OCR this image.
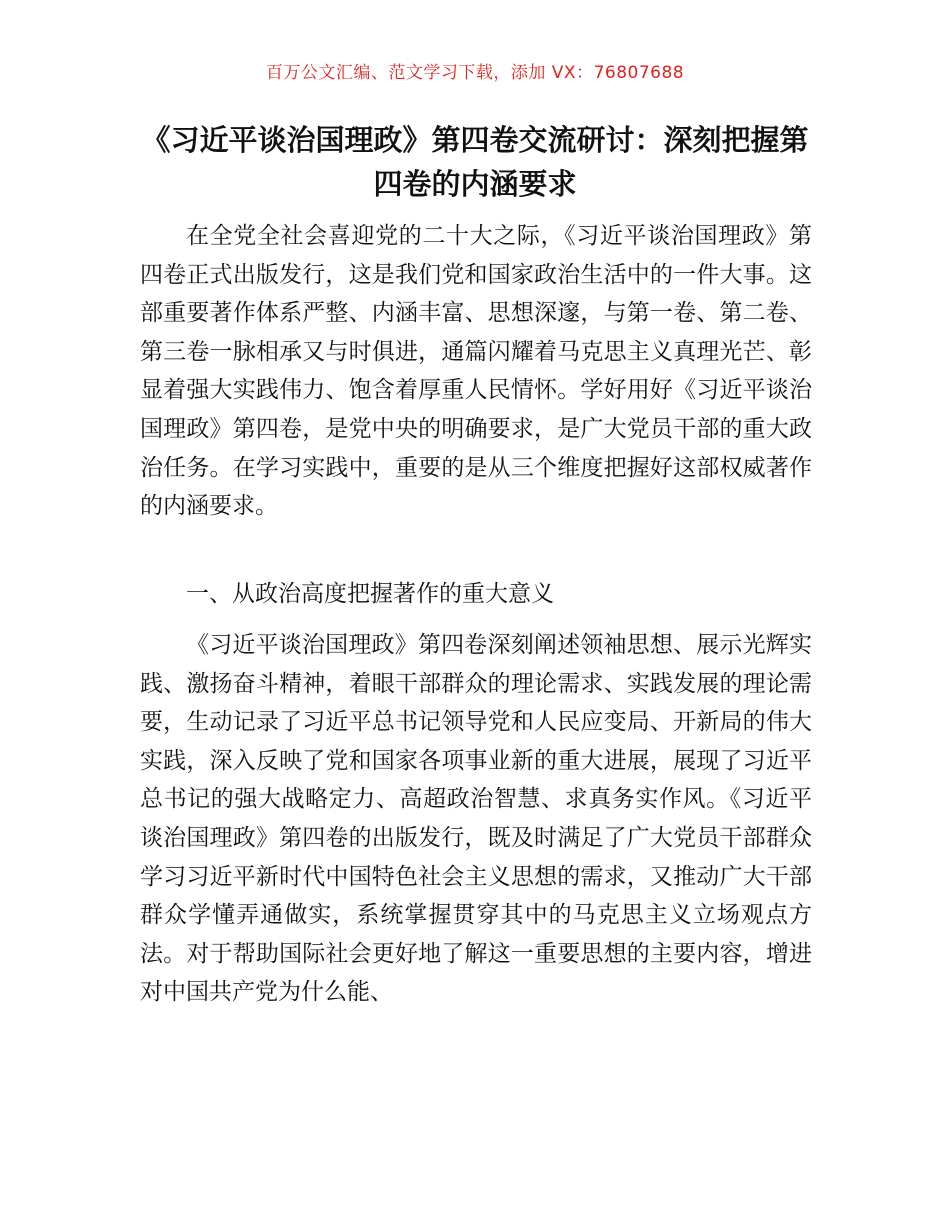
百万公文汇编、范文学习下载，添加 VX：76807688
《习近平谈治国理政》第四卷交流研讨：深刻把握第四卷的内涵要求

在全党全社会喜迎党的二十大之际，《习近平谈治国理政》第四卷正式出版发行，这是我们党和国家政治生活中的一件大事。这部重要著作体系严整、内涵丰富、思想深邃，与第一卷、第二卷、第三卷一脉相承又与时俱进，通篇闪耀着马克思主义真理光芒、彰显着强大实践伟力、饱含着厚重人民情怀。学好用好《习近平谈治国理政》第四卷，是党中央的明确要求，是广大党员干部的重大政治任务。在学习实践中，重要的是从三个维度把握好这部权威著作的内涵要求。

一、从政治高度把握著作的重大意义

《习近平谈治国理政》第四卷深刻阐述领袖思想、展示光辉实践、激扬奋斗精神，着眼干部群众的理论需求、实践发展的理论需要，生动记录了习近平总书记领导党和人民应变局、开新局的伟大实践，深入反映了党和国家各项事业新的重大进展，展现了习近平总书记的强大战略定力、高超政治智慧、求真务实作风。《习近平谈治国理政》第四卷的出版发行，既及时满足了广大党员干部群众学习习近平新时代中国特色社会主义思想的需求，又推动广大干部群众学懂弄通做实，系统掌握贯穿其中的马克思主义立场观点方法。对于帮助国际社会更好地了解这一重要思想的主要内容，增进对中国共产党为什么能、
